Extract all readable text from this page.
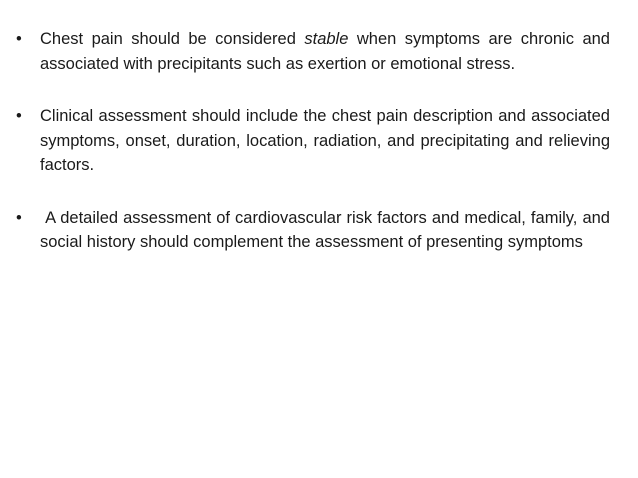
•	Chest pain should be considered stable when symptoms are chronic and associated with precipitants such as exertion or emotional stress.
•	Clinical assessment should include the chest pain description and associated symptoms, onset, duration, location, radiation, and precipitating and relieving factors.
•	A detailed assessment of cardiovascular risk factors and medical, family, and social history should complement the assessment of presenting symptoms
